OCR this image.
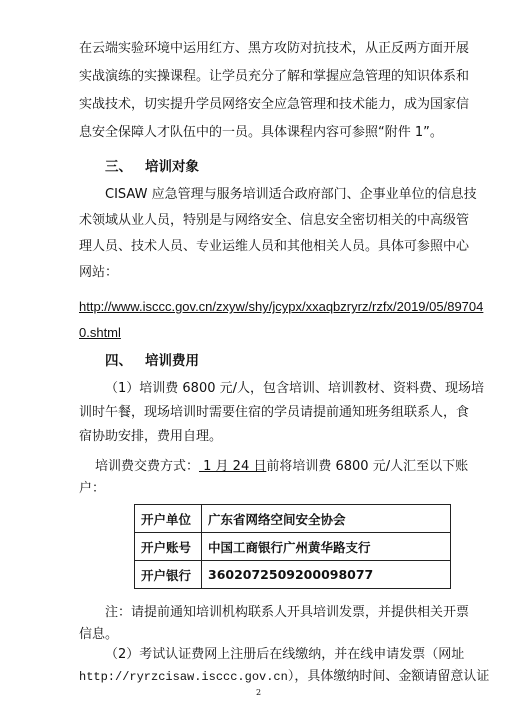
在云端实验环境中运用红方、黑方攻防对抗技术，从正反两方面开展
实战演练的实操课程。让学员充分了解和掌握应急管理的知识体系和
实战技术，切实提升学员网络安全应急管理和技术能力，成为国家信
息安全保障人才队伍中的一员。具体课程内容可参照“附件 1”。
三、 培训对象
CISAW 应急管理与服务培训适合政府部门、企事业单位的信息技
术领域从业人员，特别是与网络安全、信息安全密切相关的中高级管
理人员、技术人员、专业运维人员和其他相关人员。具体可参照中心
网站：
http://www.isccc.gov.cn/zxyw/shy/jcypx/xxaqbzryrz/rzfx/2019/05/89704
0.shtml
四、 培训费用
（1）培训费 6800 元/人，包含培训、培训教材、资料费、现场培
训时午餐，现场培训时需要住宿的学员请提前通知班务组联系人，食
宿协助安排，费用自理。
培训费交费方式： 1 月 24 日前将培训费 6800 元/人汇至以下账
户：
开户单位	广东省网络空间安全协会
开户账号	中国工商银行广州黄华路支行
开户银行	3602072509200098077
注：请提前通知培训机构联系人开具培训发票，并提供相关开票
信息。
2
（2）考试认证费网上注册后在线缴纳，并在线申请发票（网址
http://ryrzcisaw.isccc.gov.cn），具体缴纳时间、金额请留意认证
